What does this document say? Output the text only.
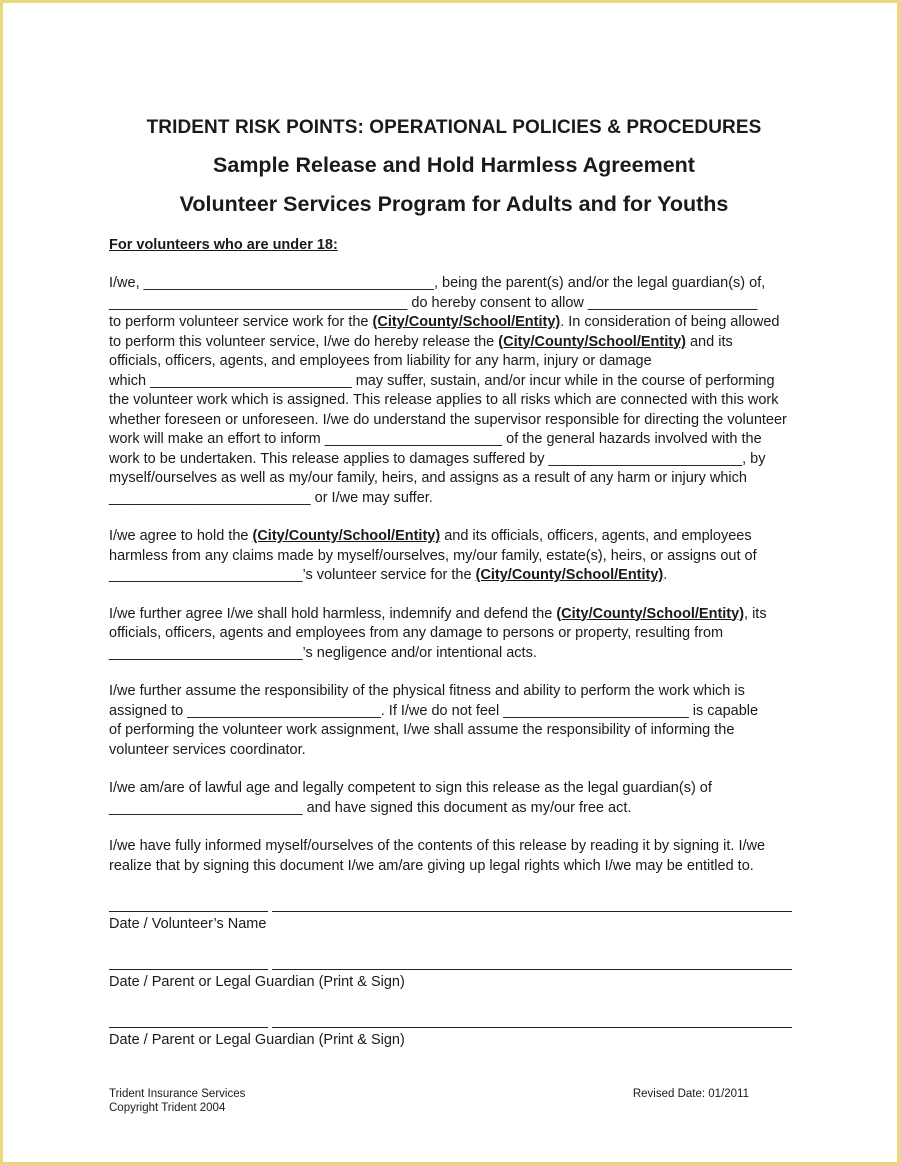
TRIDENT RISK POINTS: OPERATIONAL POLICIES & PROCEDURES
Sample Release and Hold Harmless Agreement
Volunteer Services Program for Adults and for Youths
For volunteers who are under 18:

I/we, ____________________________________, being the parent(s) and/or the legal guardian(s) of,
_____________________________________ do hereby consent to allow _____________________
to perform volunteer service work for the (City/County/School/Entity). In consideration of being allowed
to perform this volunteer service, I/we do hereby release the (City/County/School/Entity) and its
officials, officers, agents, and employees from liability for any harm, injury or damage
which _________________________ may suffer, sustain, and/or incur while in the course of performing
the volunteer work which is assigned. This release applies to all risks which are connected with this work
whether foreseen or unforeseen. I/we do understand the supervisor responsible for directing the volunteer
work will make an effort to inform ______________________ of the general hazards involved with the
work to be undertaken. This release applies to damages suffered by ________________________, by
myself/ourselves as well as my/our family, heirs, and assigns as a result of any harm or injury which
_________________________ or I/we may suffer.

I/we agree to hold the (City/County/School/Entity) and its officials, officers, agents, and employees
harmless from any claims made by myself/ourselves, my/our family, estate(s), heirs, or assigns out of
________________________’s volunteer service for the (City/County/School/Entity).

I/we further agree I/we shall hold harmless, indemnify and defend the (City/County/School/Entity), its
officials, officers, agents and employees from any damage to persons or property, resulting from
________________________’s negligence and/or intentional acts.

I/we further assume the responsibility of the physical fitness and ability to perform the work which is
assigned to ________________________. If I/we do not feel _______________________ is capable
of performing the volunteer work assignment, I/we shall assume the responsibility of informing the
volunteer services coordinator.

I/we am/are of lawful age and legally competent to sign this release as the legal guardian(s) of
________________________ and have signed this document as my/our free act.

I/we have fully informed myself/ourselves of the contents of this release by reading it by signing it. I/we
realize that by signing this document I/we am/are giving up legal rights which I/we may be entitled to.

Date / Volunteer’s Name
Date / Parent or Legal Guardian (Print & Sign)
Date / Parent or Legal Guardian (Print & Sign)
Trident Insurance Services
Copyright Trident 2004
Revised Date: 01/2011
